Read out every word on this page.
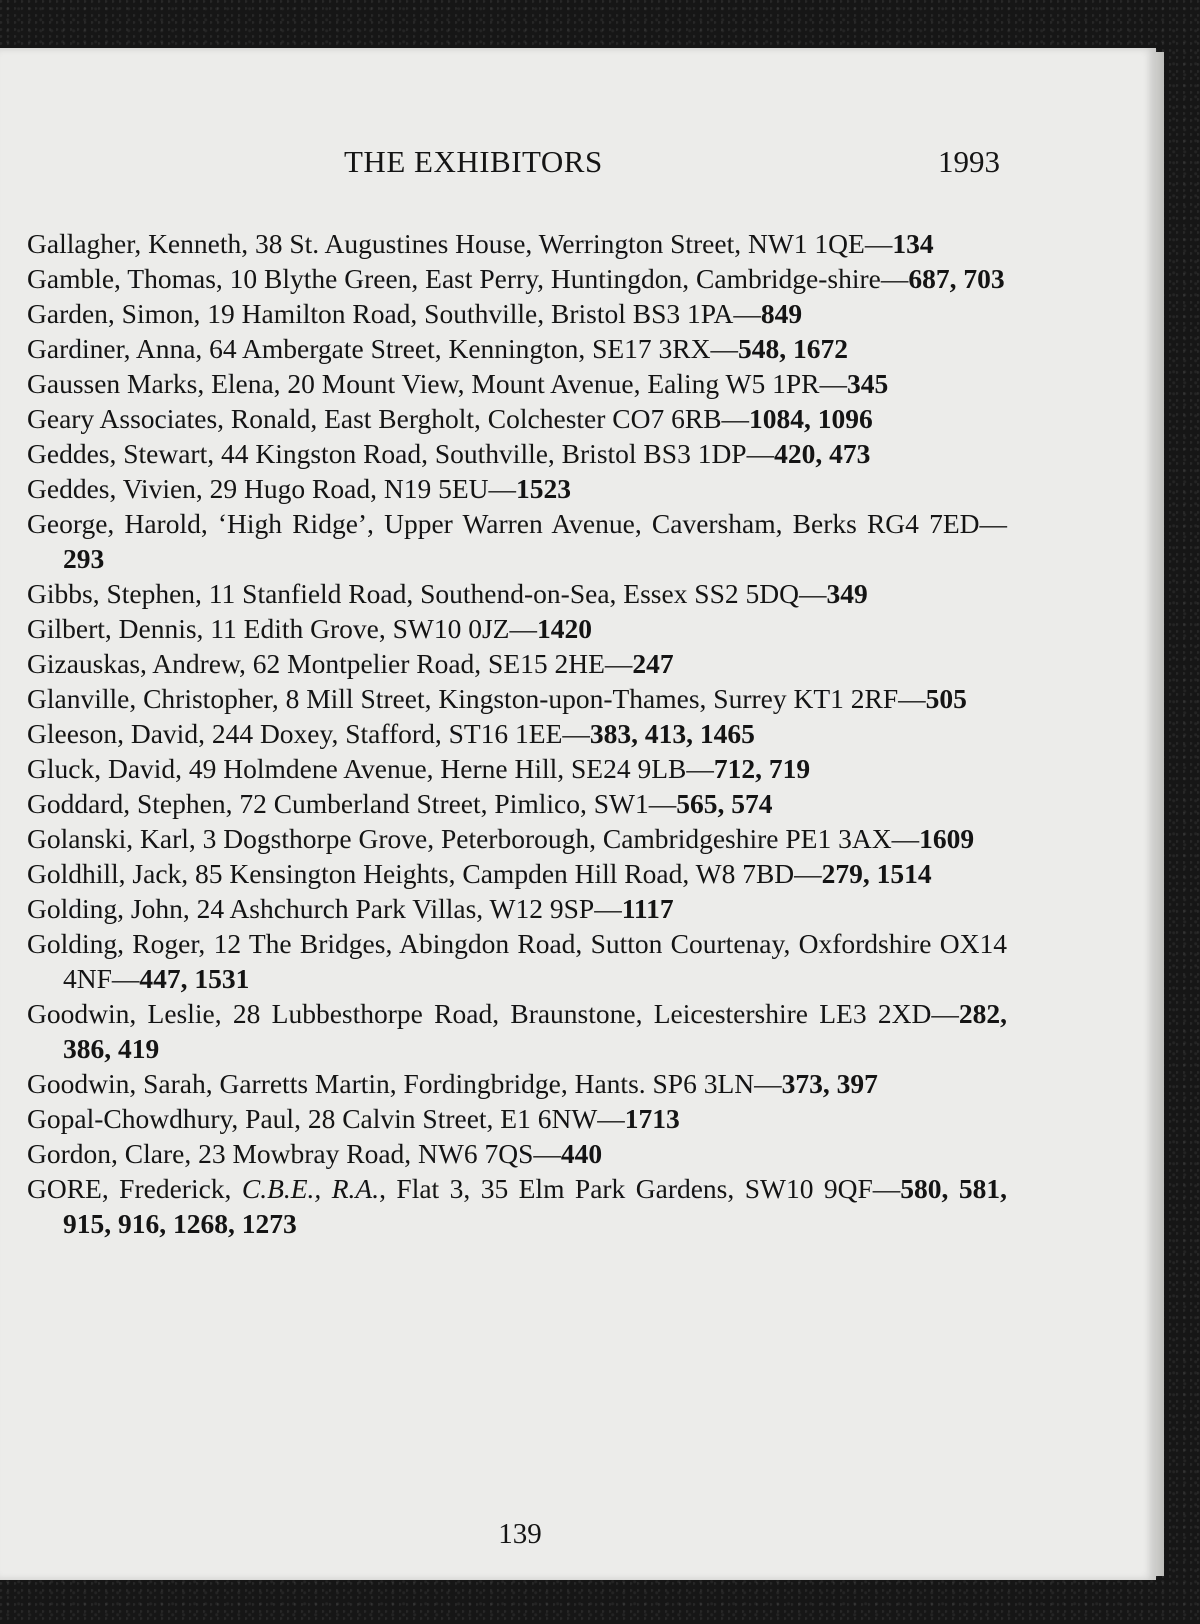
THE EXHIBITORS	1993
Gallagher, Kenneth, 38 St. Augustines House, Werrington Street, NW1 1QE—134
Gamble, Thomas, 10 Blythe Green, East Perry, Huntingdon, Cambridge-shire—687, 703
Garden, Simon, 19 Hamilton Road, Southville, Bristol BS3 1PA—849
Gardiner, Anna, 64 Ambergate Street, Kennington, SE17 3RX—548, 1672
Gaussen Marks, Elena, 20 Mount View, Mount Avenue, Ealing W5 1PR—345
Geary Associates, Ronald, East Bergholt, Colchester CO7 6RB—1084, 1096
Geddes, Stewart, 44 Kingston Road, Southville, Bristol BS3 1DP—420, 473
Geddes, Vivien, 29 Hugo Road, N19 5EU—1523
George, Harold, ‘High Ridge’, Upper Warren Avenue, Caversham, Berks RG4 7ED—293
Gibbs, Stephen, 11 Stanfield Road, Southend-on-Sea, Essex SS2 5DQ—349
Gilbert, Dennis, 11 Edith Grove, SW10 0JZ—1420
Gizauskas, Andrew, 62 Montpelier Road, SE15 2HE—247
Glanville, Christopher, 8 Mill Street, Kingston-upon-Thames, Surrey KT1 2RF—505
Gleeson, David, 244 Doxey, Stafford, ST16 1EE—383, 413, 1465
Gluck, David, 49 Holmdene Avenue, Herne Hill, SE24 9LB—712, 719
Goddard, Stephen, 72 Cumberland Street, Pimlico, SW1—565, 574
Golanski, Karl, 3 Dogsthorpe Grove, Peterborough, Cambridgeshire PE1 3AX—1609
Goldhill, Jack, 85 Kensington Heights, Campden Hill Road, W8 7BD—279, 1514
Golding, John, 24 Ashchurch Park Villas, W12 9SP—1117
Golding, Roger, 12 The Bridges, Abingdon Road, Sutton Courtenay, Oxfordshire OX14 4NF—447, 1531
Goodwin, Leslie, 28 Lubbesthorpe Road, Braunstone, Leicestershire LE3 2XD—282, 386, 419
Goodwin, Sarah, Garretts Martin, Fordingbridge, Hants. SP6 3LN—373, 397
Gopal-Chowdhury, Paul, 28 Calvin Street, E1 6NW—1713
Gordon, Clare, 23 Mowbray Road, NW6 7QS—440
GORE, Frederick, C.B.E., R.A., Flat 3, 35 Elm Park Gardens, SW10 9QF—580, 581, 915, 916, 1268, 1273
139
